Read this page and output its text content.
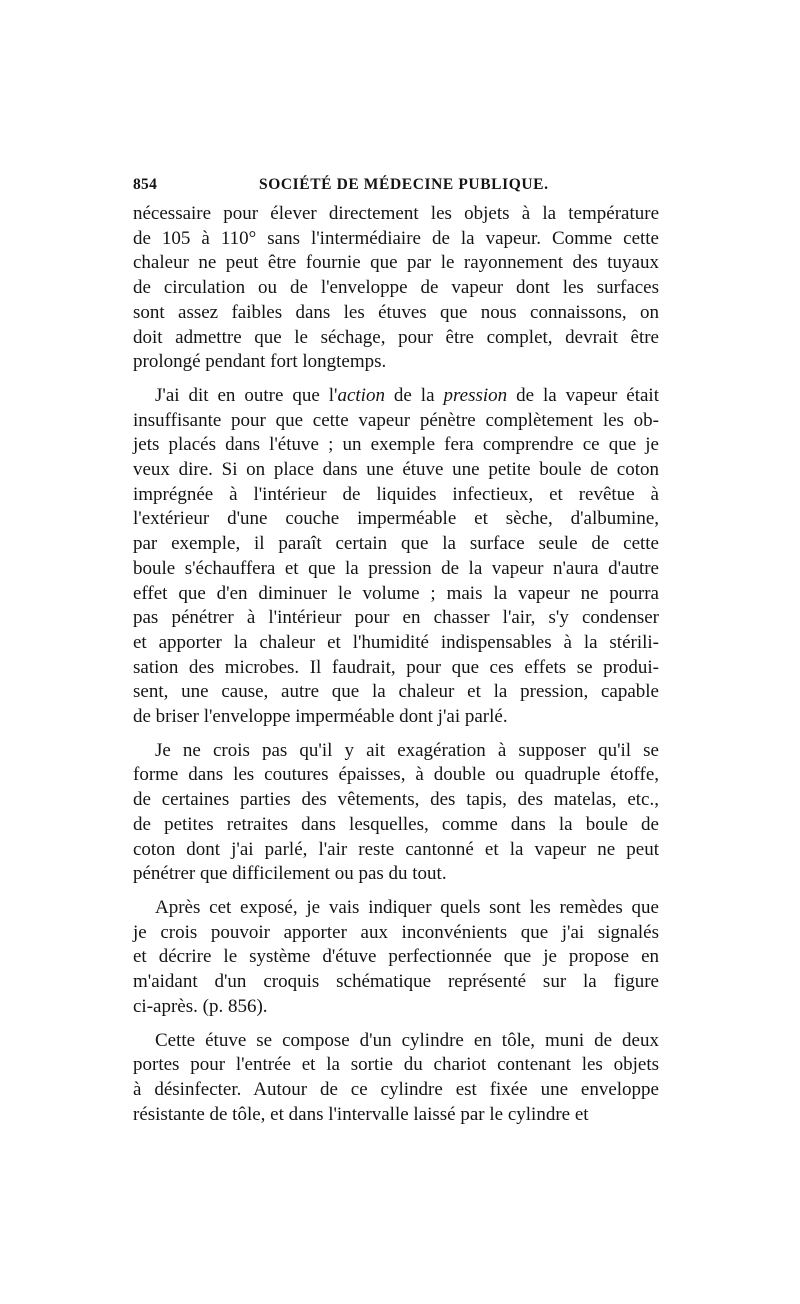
854	SOCIÉTÉ DE MÉDECINE PUBLIQUE.
nécessaire pour élever directement les objets à la température
de 105 à 110° sans l'intermédiaire de la vapeur. Comme cette
chaleur ne peut être fournie que par le rayonnement des tuyaux
de circulation ou de l'enveloppe de vapeur dont les surfaces
sont assez faibles dans les étuves que nous connaissons, on
doit admettre que le séchage, pour être complet, devrait être
prolongé pendant fort longtemps.
J'ai dit en outre que l'action de la pression de la vapeur était
insuffisante pour que cette vapeur pénètre complètement les ob-
jets placés dans l'étuve ; un exemple fera comprendre ce que je
veux dire. Si on place dans une étuve une petite boule de coton
imprégnée à l'intérieur de liquides infectieux, et revêtue à
l'extérieur d'une couche imperméable et sèche, d'albumine,
par exemple, il paraît certain que la surface seule de cette
boule s'échauffera et que la pression de la vapeur n'aura d'autre
effet que d'en diminuer le volume ; mais la vapeur ne pourra
pas pénétrer à l'intérieur pour en chasser l'air, s'y condenser
et apporter la chaleur et l'humidité indispensables à la stérili-
sation des microbes. Il faudrait, pour que ces effets se produi-
sent, une cause, autre que la chaleur et la pression, capable
de briser l'enveloppe imperméable dont j'ai parlé.
Je ne crois pas qu'il y ait exagération à supposer qu'il se
forme dans les coutures épaisses, à double ou quadruple étoffe,
de certaines parties des vêtements, des tapis, des matelas, etc.,
de petites retraites dans lesquelles, comme dans la boule de
coton dont j'ai parlé, l'air reste cantonné et la vapeur ne peut
pénétrer que difficilement ou pas du tout.
Après cet exposé, je vais indiquer quels sont les remèdes que
je crois pouvoir apporter aux inconvénients que j'ai signalés
et décrire le système d'étuve perfectionnée que je propose en
m'aidant d'un croquis schématique représenté sur la figure
ci-après. (p. 856).
Cette étuve se compose d'un cylindre en tôle, muni de deux
portes pour l'entrée et la sortie du chariot contenant les objets
à désinfecter. Autour de ce cylindre est fixée une enveloppe
résistante de tôle, et dans l'intervalle laissé par le cylindre et
